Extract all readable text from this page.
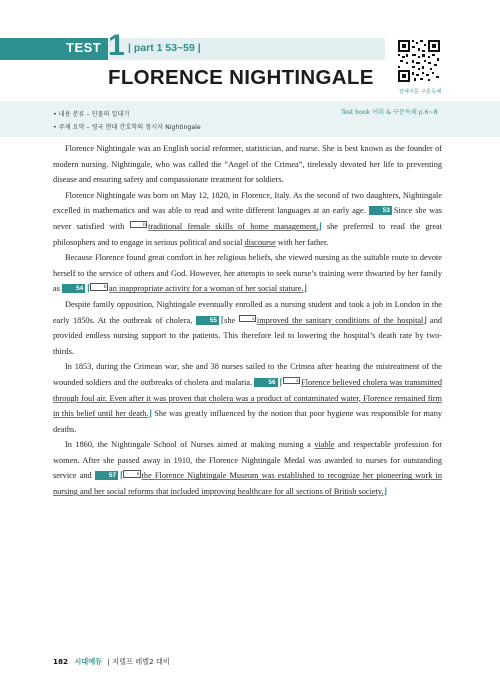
TEST 1 | part 1 53~59 |
FLORENCE NIGHTINGALE
전체지문 구문독해
• 내용 분류 – 인물의 일대기
• 주제 요약 – 영국 현대 간호학의 창시자 Nightingale
Test book 어휘 & 구문독해 p.6~8

Florence Nightingale was an English social reformer, statistician, and nurse. She is best known as the founder of modern nursing. Nightingale, who was called the “Angel of the Crimea”, tirelessly devoted her life to preventing disease and ensuring safety and compassionate treatment for soldiers.

Florence Nightingale was born on May 12, 1820, in Florence, Italy. As the second of two daughters, Nightingale excelled in mathematics and was able to read and write different languages at an early age. 53 Since she was never satisfied with	b traditional female skills of home management,⌋ she preferred to read the great philosophers and to engage in serious political and social discourse with her father.

Because Florence found great comfort in her religious beliefs, she viewed nursing as the suitable route to devote herself to the service of others and God. However, her attempts to seek nurse’s training were thwarted by her family as 54 ⌈	b an inappropriate activity for a woman of her social stature.⌋

Despite family opposition, Nightingale eventually enrolled as a nursing student and took a job in London in the early 1850s. At the outbreak of cholera, 55 ⌈she	v improved the sanitary conditions of the hospital⌋ and provided endless nursing support to the patients. This therefore led to lowering the hospital’s death rate by two-thirds.

In 1853, during the Crimean war, she and 38 nurses sailed to the Crimea after hearing the mistreatment of the wounded soldiers and the outbreaks of cholera and malaria. 56 ⌈	s Florence believed cholera was transmitted through foul air. Even after it was proven that cholera was a product of contaminated water, Florence remained firm in this belief until her death.⌋ She was greatly influenced by the notion that poor hygiene was responsible for many deaths.

In 1860, the Nightingale School of Nurses aimed at making nursing a viable and respectable profession for women. After she passed away in 1910, the Florence Nightingale Medal was awarded to nurses for outstanding service and 57 ⌈	s the Florence Nightingale Museum was established to recognize her pioneering work in nursing and her social reforms that included improving healthcare for all sections of British society.⌋

182 시대에듀 | 지텔프 레벨2 대비
